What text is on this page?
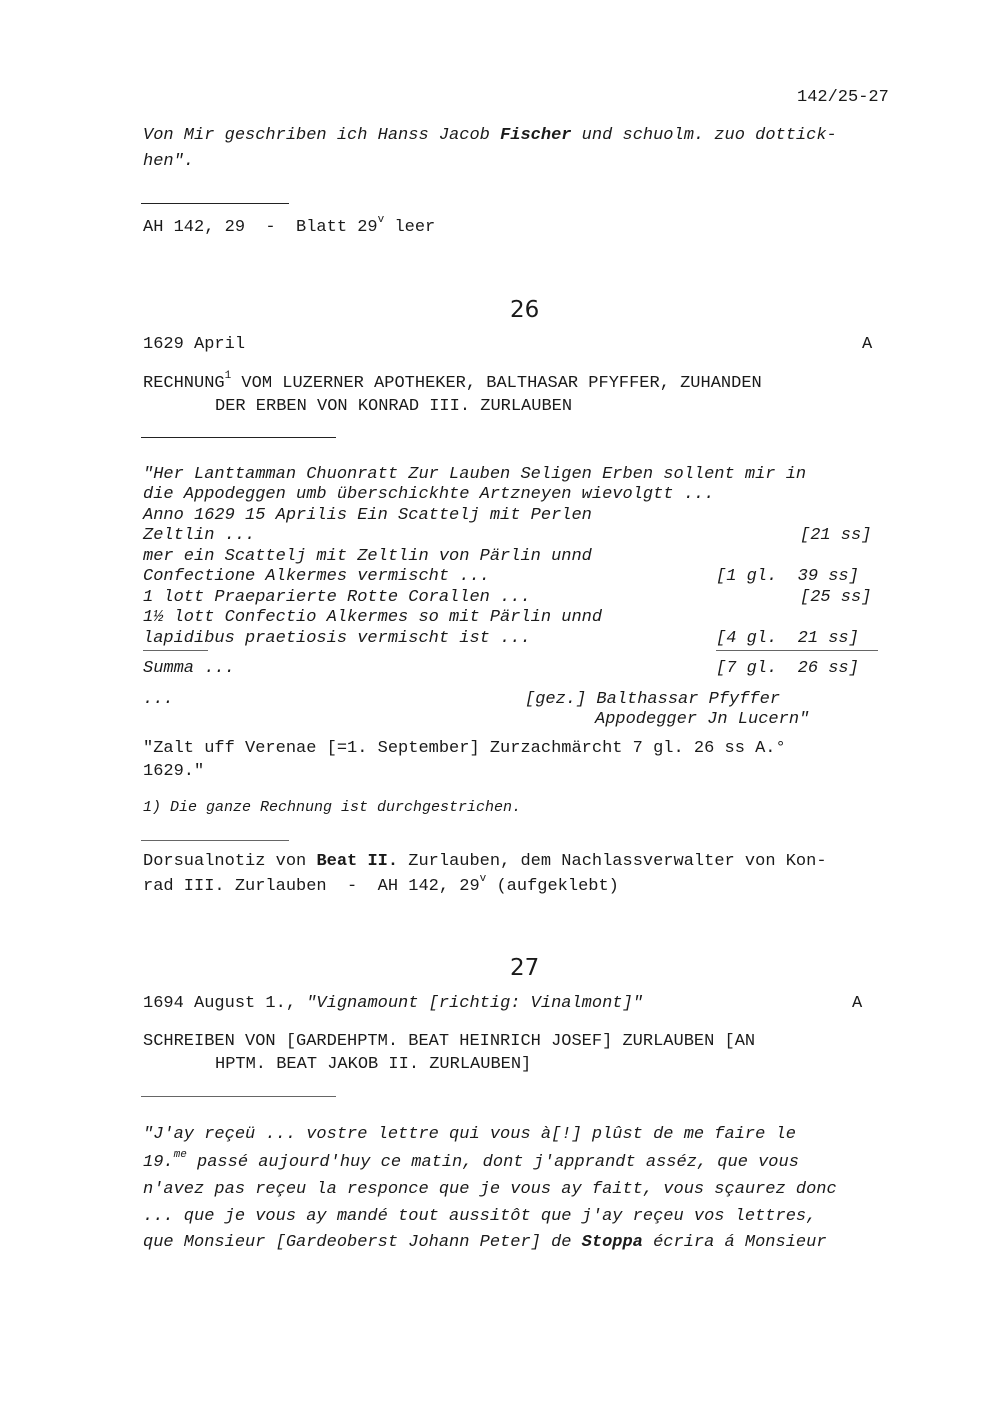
142/25-27
Von Mir geschriben ich Hanss Jacob Fischer und schuolm. zuo dottick-
hen".
AH 142, 29  -  Blatt 29$^v$ leer
26
1629 April	A
RECHNUNG$^1$ VOM LUZERNER APOTHEKER, BALTHASAR PFYFFER, ZUHANDEN
DER ERBEN VON KONRAD III. ZURLAUBEN
"Her Lanttamman Chuonratt Zur Lauben Seligen Erben sollent mir in
die Appodeggen umb überschickhte Artzneyen wievolgtt ...
Anno 1629 15 Aprilis Ein Scattelj mit Perlen
Zeltlin ...	[21 ss]
mer ein Scattelj mit Zeltlin von Pärlin unnd
Confectione Alkermes vermischt ...	[1 gl.  39 ss]
1 lott Praeparierte Rotte Corallen ...	[25 ss]
1½ lott Confectio Alkermes so mit Pärlin unnd
lapidibus praetiosis vermischt ist ...	[4 gl.  21 ss]
Summa ...	[7 gl.  26 ss]
...	[gez.] Balthassar Pfyffer
Appodegger Jn Lucern"
"Zalt uff Verenae [=1. September] Zurzachmärcht 7 gl. 26 ss A.°
1629."
1) Die ganze Rechnung ist durchgestrichen.
Dorsualnotiz von Beat II. Zurlauben, dem Nachlassverwalter von Kon-
rad III. Zurlauben  -  AH 142, 29$^v$ (aufgeklebt)
27
1694 August 1., "Vignamount [richtig: Vinalmont]"	A
SCHREIBEN VON [GARDEHPTM. BEAT HEINRICH JOSEF] ZURLAUBEN [AN
HPTM. BEAT JAKOB II. ZURLAUBEN]
"J'ay reçeü ... vostre lettre qui vous à[!] plûst de me faire le
19.$^{me}$ passé aujourd'huy ce matin, dont j'apprandt asséz, que vous
n'avez pas reçeu la responce que je vous ay faitt, vous sçaurez donc
... que je vous ay mandé tout aussitôt que j'ay reçeu vos lettres,
que Monsieur [Gardeoberst Johann Peter] de Stoppa écrira á Monsieur
